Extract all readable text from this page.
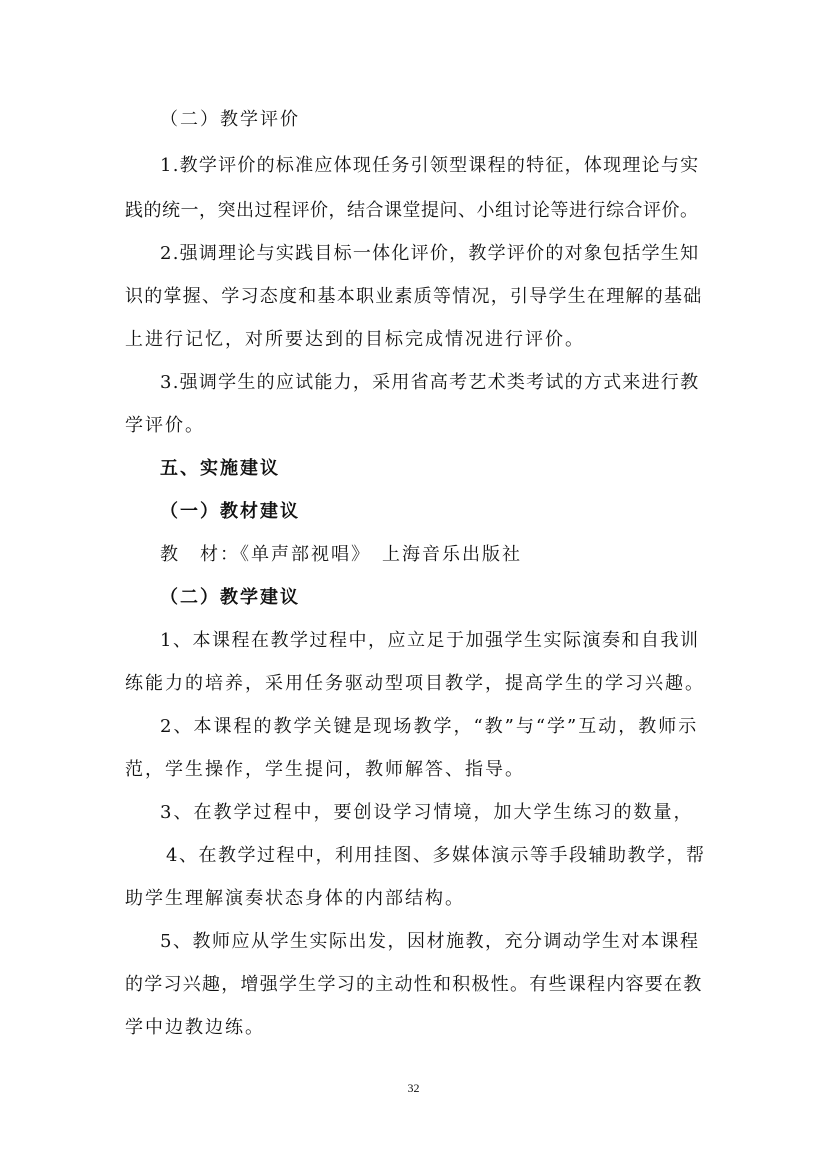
（二）教学评价
1.教学评价的标准应体现任务引领型课程的特征，体现理论与实
践的统一，突出过程评价，结合课堂提问、小组讨论等进行综合评价。
2.强调理论与实践目标一体化评价，教学评价的对象包括学生知
识的掌握、学习态度和基本职业素质等情况，引导学生在理解的基础
上进行记忆，对所要达到的目标完成情况进行评价。
3.强调学生的应试能力，采用省高考艺术类考试的方式来进行教
学评价。
五、实施建议
（一）教材建议
教　材：《单声部视唱》　上海音乐出版社
（二）教学建议
1、本课程在教学过程中，应立足于加强学生实际演奏和自我训
练能力的培养，采用任务驱动型项目教学，提高学生的学习兴趣。
2、本课程的教学关键是现场教学，“教”与“学”互动，教师示
范，学生操作，学生提问，教师解答、指导。
3、在教学过程中，要创设学习情境，加大学生练习的数量，
4、在教学过程中，利用挂图、多媒体演示等手段辅助教学，帮
助学生理解演奏状态身体的内部结构。
5、教师应从学生实际出发，因材施教，充分调动学生对本课程
的学习兴趣，增强学生学习的主动性和积极性。有些课程内容要在教
学中边教边练。
32
